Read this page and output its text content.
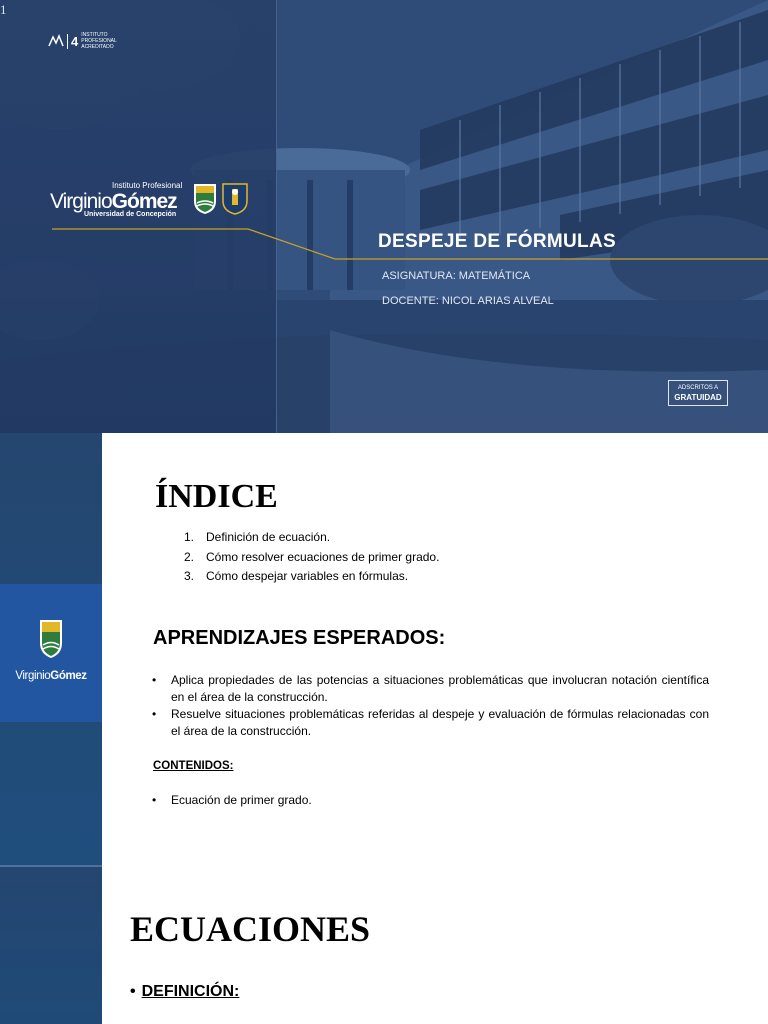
1
4 INSTITUTO PROFESIONAL ACREDITADO
Instituto Profesional
VirginioGómez
Universidad de Concepción
DESPEJE DE FÓRMULAS
ASIGNATURA: MATEMÁTICA
DOCENTE: NICOL ARIAS ALVEAL
ADSCRITOS A
GRATUIDAD
VirginioGómez
ÍNDICE
1. Definición de ecuación.
2. Cómo resolver ecuaciones de primer grado.
3. Cómo despejar variables en fórmulas.
APRENDIZAJES ESPERADOS:
• Aplica propiedades de las potencias a situaciones problemáticas que involucran notación científica en el área de la construcción.
• Resuelve situaciones problemáticas referidas al despeje y evaluación de fórmulas relacionadas con el área de la construcción.
CONTENIDOS:
• Ecuación de primer grado.
ECUACIONES
• DEFINICIÓN:
